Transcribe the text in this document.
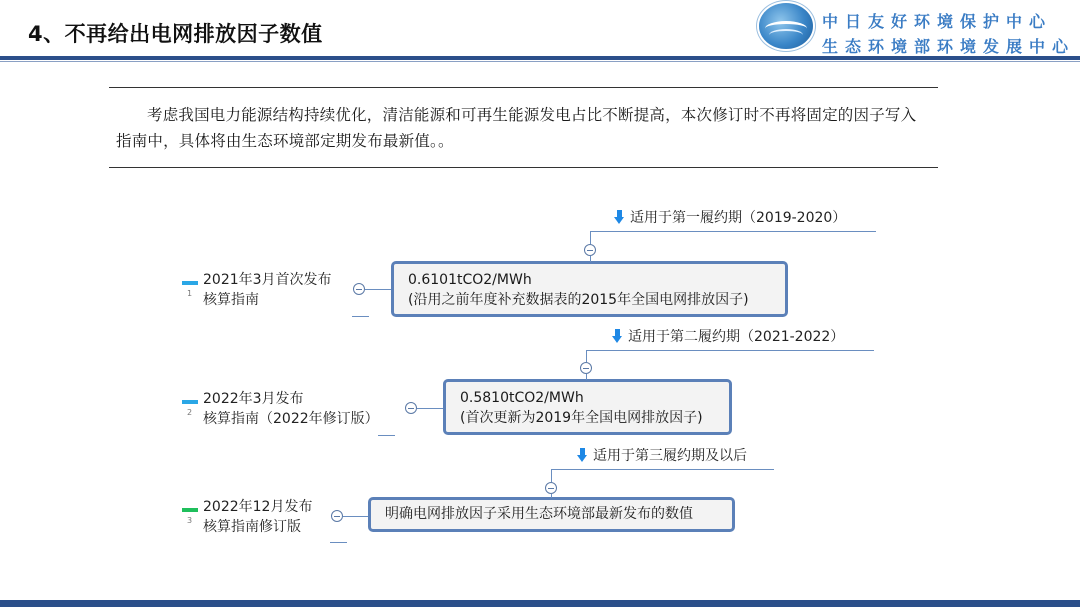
4、不再给出电网排放因子数值
中日友好环境保护中心
生态环境部环境发展中心
考虑我国电力能源结构持续优化，清洁能源和可再生能源发电占比不断提高，本次修订时不再将固定的因子写入指南中，具体将由生态环境部定期发布最新值。。
1
2021年3月首次发布
核算指南
0.6101tCO2/MWh
(沿用之前年度补充数据表的2015年全国电网排放因子)
适用于第一履约期（2019-2020）
2
2022年3月发布
核算指南（2022年修订版）
0.5810tCO2/MWh
(首次更新为2019年全国电网排放因子)
适用于第二履约期（2021-2022）
3
2022年12月发布
核算指南修订版
明确电网排放因子采用生态环境部最新发布的数值
适用于第三履约期及以后
